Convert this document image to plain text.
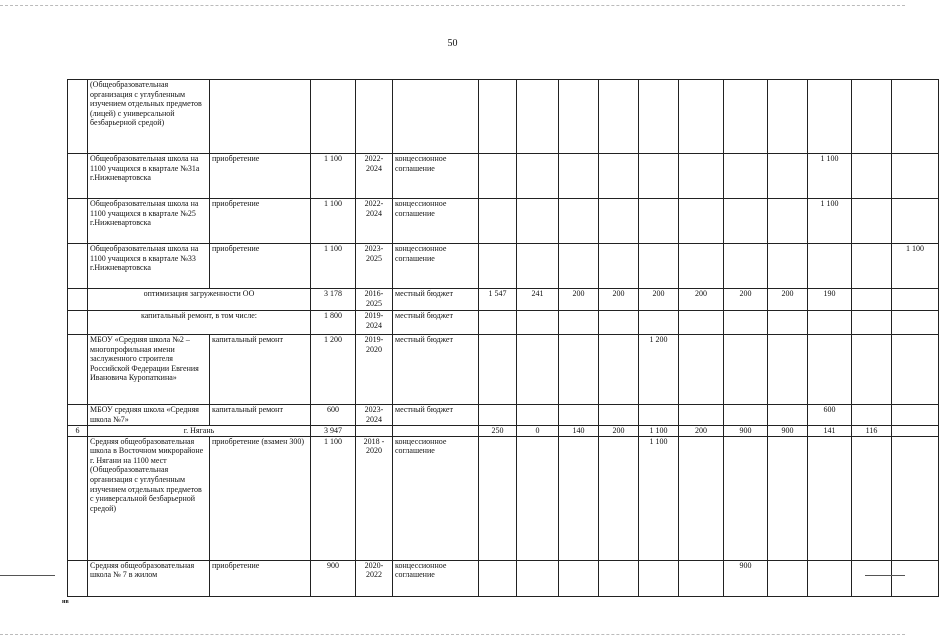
50
	(Общеобразовательная организация с углубленным изучением отдельных предметов (лицей) с универсальной безбарьерной средой)															
	Общеобразовательная школа на 1100 учащихся в квартале №31а г.Нижневартовска	приобретение	1 100	2022-2024	концессионное соглашение									1 100		
	Общеобразовательная школа на 1100 учащихся в квартале №25 г.Нижневартовска	приобретение	1 100	2022-2024	концессионное соглашение									1 100		
	Общеобразовательная школа на 1100 учащихся в квартале №33 г.Нижневартовска	приобретение	1 100	2023-2025	концессионное соглашение											1 100
	оптимизация загруженности ОО		3 178	2016-2025	местный бюджет	1 547	241	200	200	200	200	200	200	190		
	капитальный ремонт, в том числе:		1 800	2019-2024	местный бюджет											
	МБОУ «Средняя школа №2 – многопрофильная имени заслуженного строителя Российской Федерации Евгения Ивановича Куропаткина»	капитальный ремонт	1 200	2019-2020	местный бюджет					1 200						
	МБОУ средняя школа «Средняя школа №7»	капитальный ремонт	600	2023-2024	местный бюджет									600		
6	г. Нягань		3 947			250	0	140	200	1 100	200	900	900	141	116	
	Средняя общеобразовательная школа в Восточном микрорайоне г. Нягани на 1100 мест (Общеобразовательная организация с углубленным изучением отдельных предметов с универсальной безбарьерной средой)	приобретение (взамен 300)	1 100	2018 - 2020	концессионное соглашение					1 100						
	Средняя общеобразовательная школа № 7 в жилом	приобретение	900	2020-2022	концессионное соглашение							900				
нв
